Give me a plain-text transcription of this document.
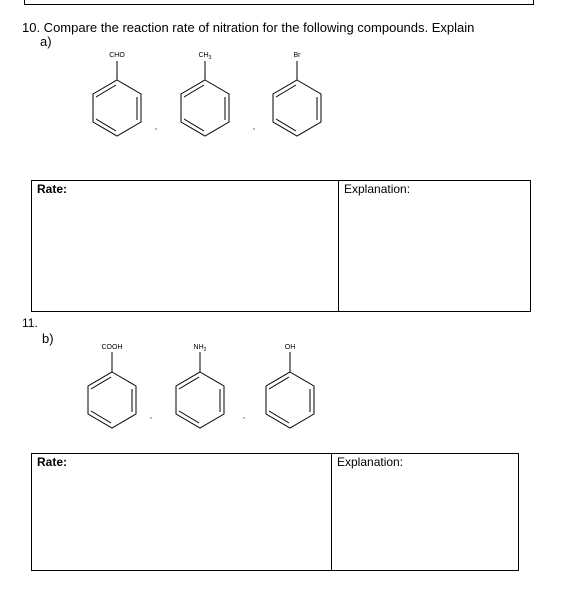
10. Compare the reaction rate of nitration for the following compounds. Explain
a)
CHO
,
$CH_3$
,
Br
Rate:	Explanation:
11.
b)
COOH
,
$NH_2$
,
OH
Rate:	Explanation:
